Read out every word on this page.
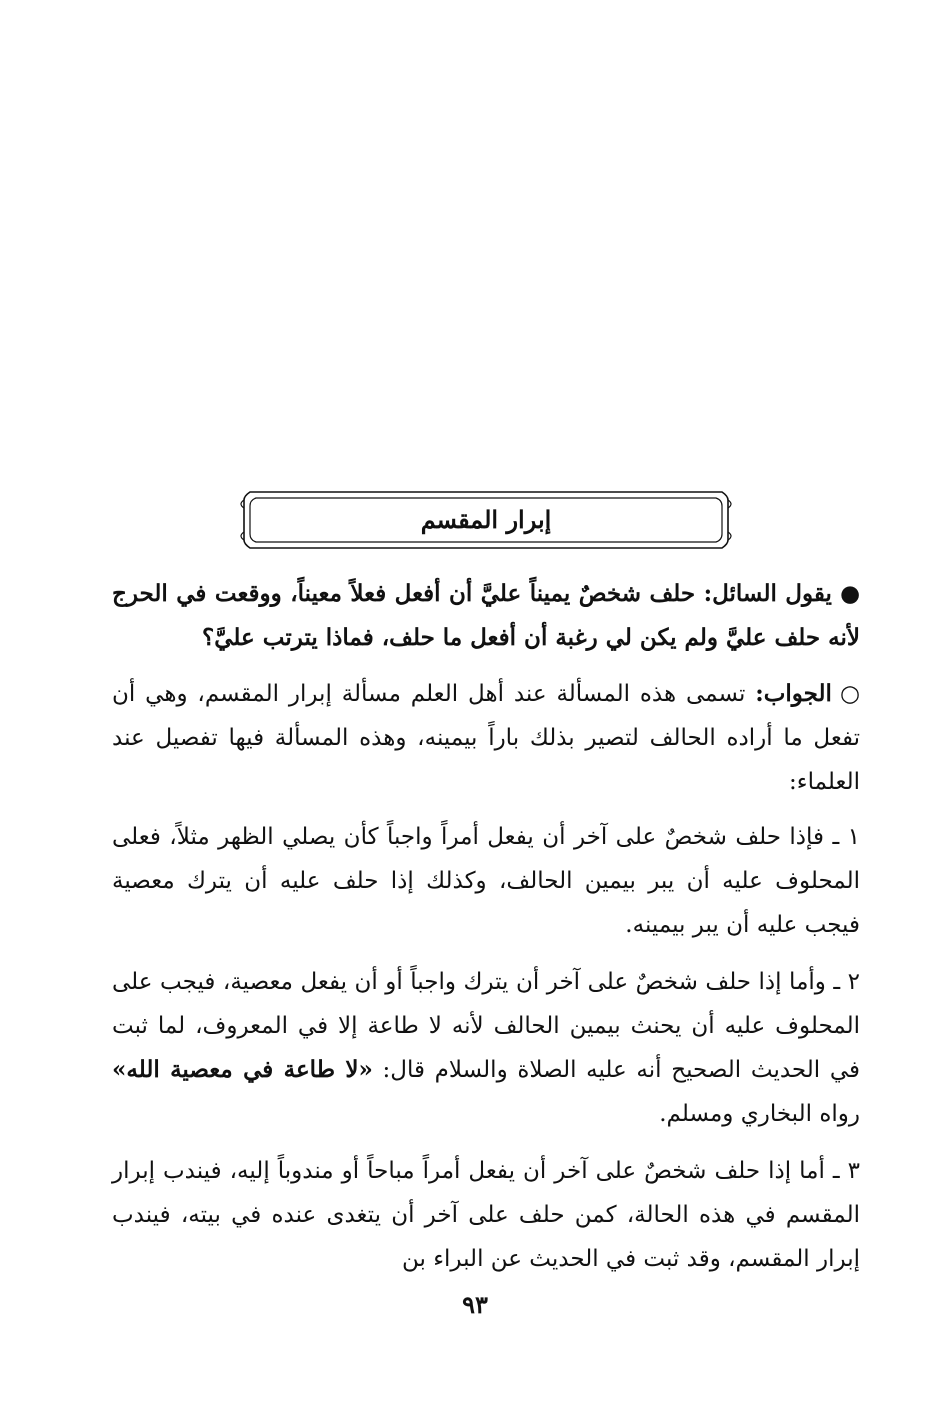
إبرار المقسم
●يقول السائل: حلف شخصٌ يميناً عليَّ أن أفعل فعلاً معيناً، ووقعت في الحرج لأنه حلف عليَّ ولم يكن لي رغبة أن أفعل ما حلف، فماذا يترتب عليَّ؟
○الجواب: تسمى هذه المسألة عند أهل العلم مسألة إبرار المقسم، وهي أن تفعل ما أراده الحالف لتصير بذلك باراً بيمينه، وهذه المسألة فيها تفصيل عند العلماء:
١ ـ فإذا حلف شخصٌ على آخر أن يفعل أمراً واجباً كأن يصلي الظهر مثلاً، فعلى المحلوف عليه أن يبر بيمين الحالف، وكذلك إذا حلف عليه أن يترك معصية فيجب عليه أن يبر بيمينه.
٢ ـ وأما إذا حلف شخصٌ على آخر أن يترك واجباً أو أن يفعل معصية، فيجب على المحلوف عليه أن يحنث بيمين الحالف لأنه لا طاعة إلا في المعروف، لما ثبت في الحديث الصحيح أنه عليه الصلاة والسلام قال: «لا طاعة في معصية الله» رواه البخاري ومسلم.
٣ ـ أما إذا حلف شخصٌ على آخر أن يفعل أمراً مباحاً أو مندوباً إليه، فيندب إبرار المقسم في هذه الحالة، كمن حلف على آخر أن يتغدى عنده في بيته، فيندب إبرار المقسم، وقد ثبت في الحديث عن البراء بن
٩٣
